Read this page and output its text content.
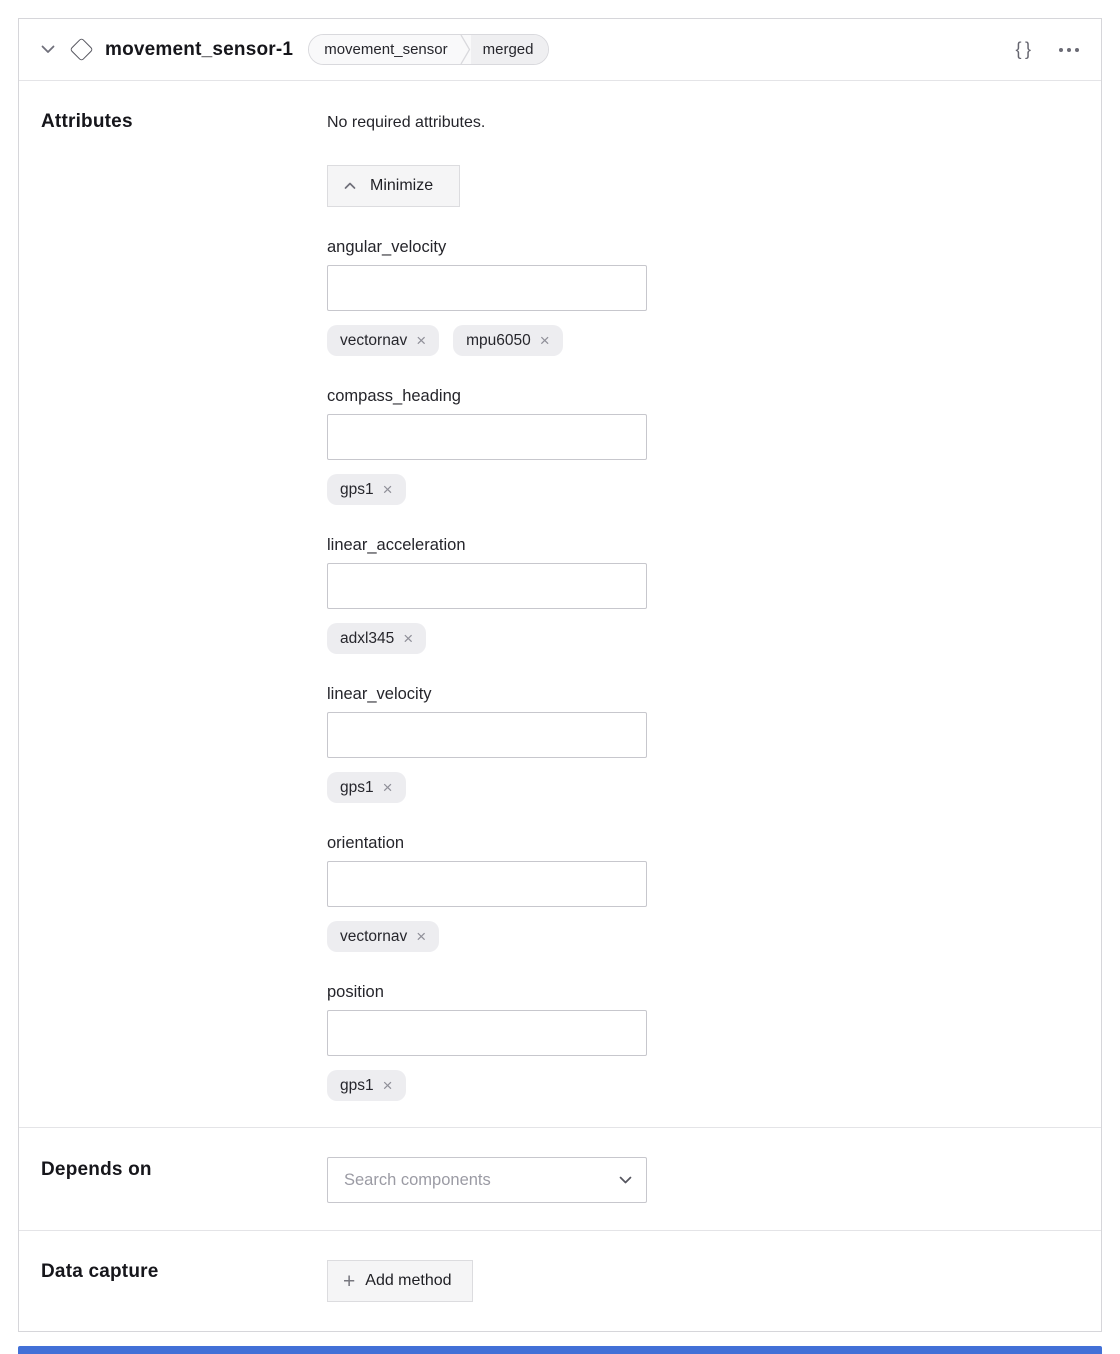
movement_sensor-1	movement_sensor	merged	{ }
Attributes	No required attributes.
Minimize
angular_velocity
vectornav ×	mpu6050 ×
compass_heading
gps1 ×
linear_acceleration
adxl345 ×
linear_velocity
gps1 ×
orientation
vectornav ×
position
gps1 ×
Depends on	Search components
Data capture	+ Add method
